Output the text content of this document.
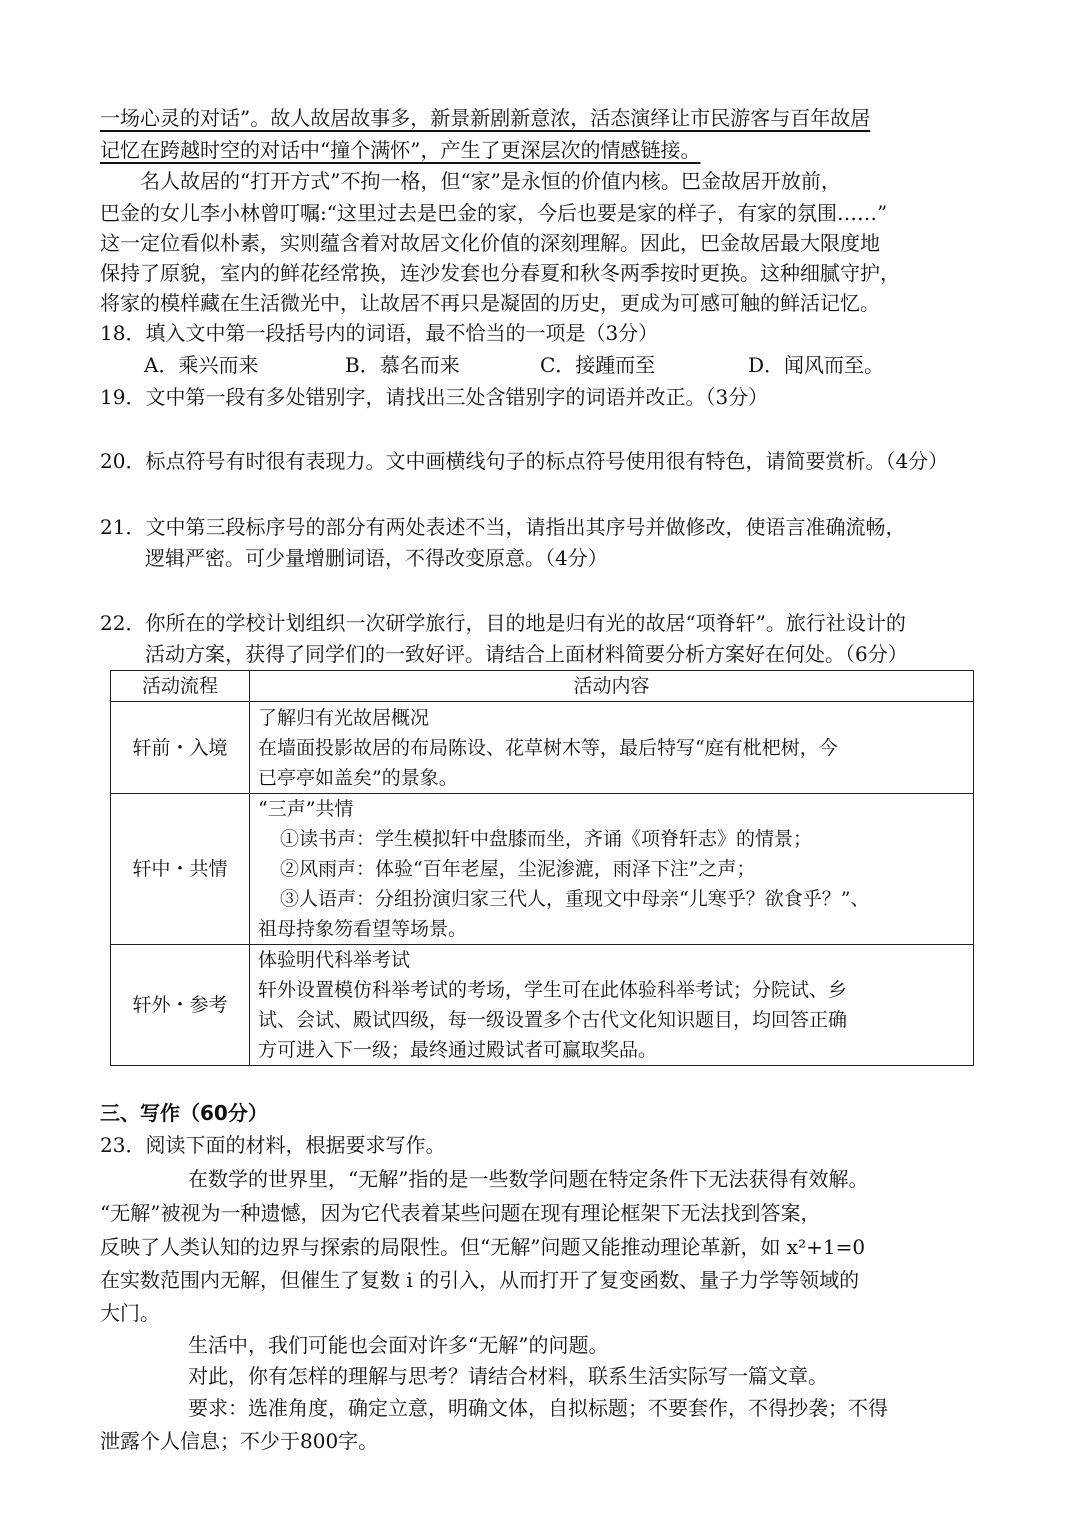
一场心灵的对话”。故人故居故事多，新景新剧新意浓，活态演绎让市民游客与百年故居
记忆在跨越时空的对话中“撞个满怀”，产生了更深层次的情感链接。
名人故居的“打开方式”不拘一格，但“家”是永恒的价值内核。巴金故居开放前，
巴金的女儿李小林曾叮嘱:“这里过去是巴金的家，今后也要是家的样子，有家的氛围……”
这一定位看似朴素，实则蕴含着对故居文化价值的深刻理解。因此，巴金故居最大限度地
保持了原貌，室内的鲜花经常换，连沙发套也分春夏和秋冬两季按时更换。这种细腻守护，
将家的模样藏在生活微光中，让故居不再只是凝固的历史，更成为可感可触的鲜活记忆。
18．填入文中第一段括号内的词语，最不恰当的一项是（3分）
A．乘兴而来	B．慕名而来	C．接踵而至	D．闻风而至。
19．文中第一段有多处错别字，请找出三处含错别字的词语并改正。（3分）
20．标点符号有时很有表现力。文中画横线句子的标点符号使用很有特色，请简要赏析。（4分）
21．文中第三段标序号的部分有两处表述不当，请指出其序号并做修改，使语言准确流畅，
逻辑严密。可少量增删词语，不得改变原意。（4分）
22．你所在的学校计划组织一次研学旅行，目的地是归有光的故居“项脊轩”。旅行社设计的
活动方案，获得了同学们的一致好评。请结合上面材料简要分析方案好在何处。（6分）
活动流程	活动内容
轩前・入境	了解归有光故居概况
在墙面投影故居的布局陈设、花草树木等，最后特写“庭有枇杷树，今
已亭亭如盖矣”的景象。

轩中・共情	“三声”共情
①读书声：学生模拟轩中盘膝而坐，齐诵《项脊轩志》的情景；
②风雨声：体验“百年老屋，尘泥渗漉，雨泽下注”之声；
③人语声：分组扮演归家三代人，重现文中母亲“儿寒乎？欲食乎？”、
祖母持象笏看望等场景。

轩外・参考	体验明代科举考试
轩外设置模仿科举考试的考场，学生可在此体验科举考试；分院试、乡
试、会试、殿试四级，每一级设置多个古代文化知识题目，均回答正确
方可进入下一级；最终通过殿试者可赢取奖品。
三、写作（60分）
23．阅读下面的材料，根据要求写作。
在数学的世界里，“无解”指的是一些数学问题在特定条件下无法获得有效解。
“无解”被视为一种遗憾，因为它代表着某些问题在现有理论框架下无法找到答案，
反映了人类认知的边界与探索的局限性。但“无解”问题又能推动理论革新，如 x²+1=0
在实数范围内无解，但催生了复数 i 的引入，从而打开了复变函数、量子力学等领域的
大门。
生活中，我们可能也会面对许多“无解”的问题。
对此，你有怎样的理解与思考？请结合材料，联系生活实际写一篇文章。
要求：选准角度，确定立意，明确文体，自拟标题；不要套作，不得抄袭；不得
泄露个人信息；不少于800字。
